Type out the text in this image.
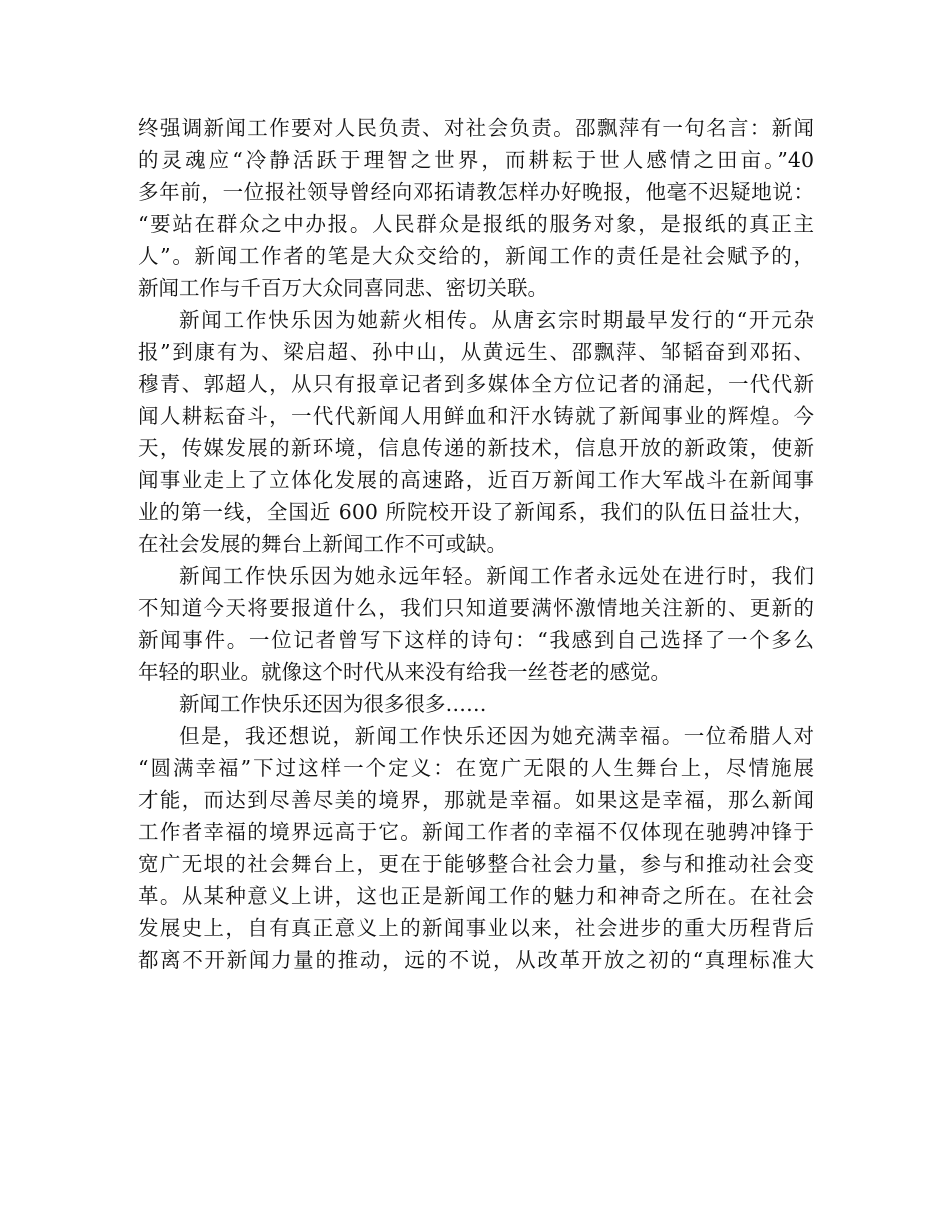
终强调新闻工作要对人民负责、对社会负责。邵飘萍有一句名言：新闻
的灵魂应“冷静活跃于理智之世界，而耕耘于世人感情之田亩。”40
多年前，一位报社领导曾经向邓拓请教怎样办好晚报，他毫不迟疑地说：
“要站在群众之中办报。人民群众是报纸的服务对象，是报纸的真正主
人”。新闻工作者的笔是大众交给的，新闻工作的责任是社会赋予的，
新闻工作与千百万大众同喜同悲、密切关联。
新闻工作快乐因为她薪火相传。从唐玄宗时期最早发行的“开元杂
报”到康有为、梁启超、孙中山，从黄远生、邵飘萍、邹韬奋到邓拓、
穆青、郭超人，从只有报章记者到多媒体全方位记者的涌起，一代代新
闻人耕耘奋斗，一代代新闻人用鲜血和汗水铸就了新闻事业的辉煌。今
天，传媒发展的新环境，信息传递的新技术，信息开放的新政策，使新
闻事业走上了立体化发展的高速路，近百万新闻工作大军战斗在新闻事
业的第一线，全国近 600 所院校开设了新闻系，我们的队伍日益壮大，
在社会发展的舞台上新闻工作不可或缺。
新闻工作快乐因为她永远年轻。新闻工作者永远处在进行时，我们
不知道今天将要报道什么，我们只知道要满怀激情地关注新的、更新的
新闻事件。一位记者曾写下这样的诗句：“我感到自己选择了一个多么
年轻的职业。就像这个时代从来没有给我一丝苍老的感觉。
新闻工作快乐还因为很多很多……
但是，我还想说，新闻工作快乐还因为她充满幸福。一位希腊人对
“圆满幸福”下过这样一个定义：在宽广无限的人生舞台上，尽情施展
才能，而达到尽善尽美的境界，那就是幸福。如果这是幸福，那么新闻
工作者幸福的境界远高于它。新闻工作者的幸福不仅体现在驰骋冲锋于
宽广无垠的社会舞台上，更在于能够整合社会力量，参与和推动社会变
革。从某种意义上讲，这也正是新闻工作的魅力和神奇之所在。在社会
发展史上，自有真正意义上的新闻事业以来，社会进步的重大历程背后
都离不开新闻力量的推动，远的不说，从改革开放之初的“真理标准大
